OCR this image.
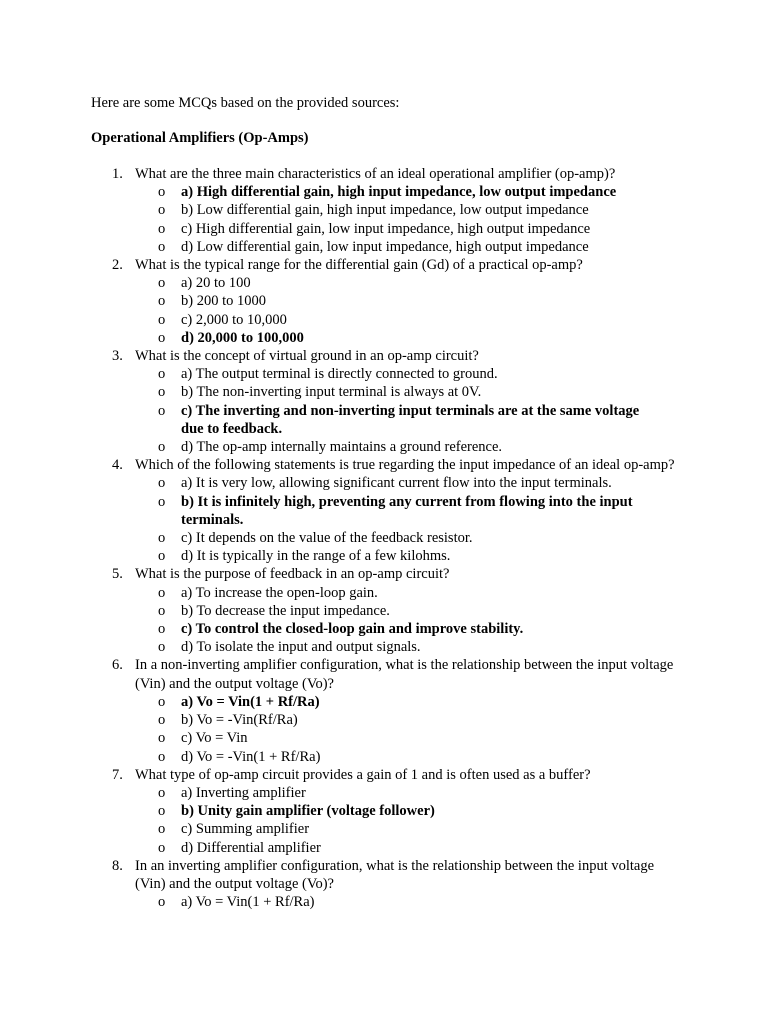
Here are some MCQs based on the provided sources:
Operational Amplifiers (Op-Amps)
1. What are the three main characteristics of an ideal operational amplifier (op-amp)?
o a) High differential gain, high input impedance, low output impedance
o b) Low differential gain, high input impedance, low output impedance
o c) High differential gain, low input impedance, high output impedance
o d) Low differential gain, low input impedance, high output impedance
2. What is the typical range for the differential gain (Gd) of a practical op-amp?
o a) 20 to 100
o b) 200 to 1000
o c) 2,000 to 10,000
o d) 20,000 to 100,000
3. What is the concept of virtual ground in an op-amp circuit?
o a) The output terminal is directly connected to ground.
o b) The non-inverting input terminal is always at 0V.
o c) The inverting and non-inverting input terminals are at the same voltage due to feedback.
o d) The op-amp internally maintains a ground reference.
4. Which of the following statements is true regarding the input impedance of an ideal op-amp?
o a) It is very low, allowing significant current flow into the input terminals.
o b) It is infinitely high, preventing any current from flowing into the input terminals.
o c) It depends on the value of the feedback resistor.
o d) It is typically in the range of a few kilohms.
5. What is the purpose of feedback in an op-amp circuit?
o a) To increase the open-loop gain.
o b) To decrease the input impedance.
o c) To control the closed-loop gain and improve stability.
o d) To isolate the input and output signals.
6. In a non-inverting amplifier configuration, what is the relationship between the input voltage (Vin) and the output voltage (Vo)?
o a) Vo = Vin(1 + Rf/Ra)
o b) Vo = -Vin(Rf/Ra)
o c) Vo = Vin
o d) Vo = -Vin(1 + Rf/Ra)
7. What type of op-amp circuit provides a gain of 1 and is often used as a buffer?
o a) Inverting amplifier
o b) Unity gain amplifier (voltage follower)
o c) Summing amplifier
o d) Differential amplifier
8. In an inverting amplifier configuration, what is the relationship between the input voltage (Vin) and the output voltage (Vo)?
o a) Vo = Vin(1 + Rf/Ra)
